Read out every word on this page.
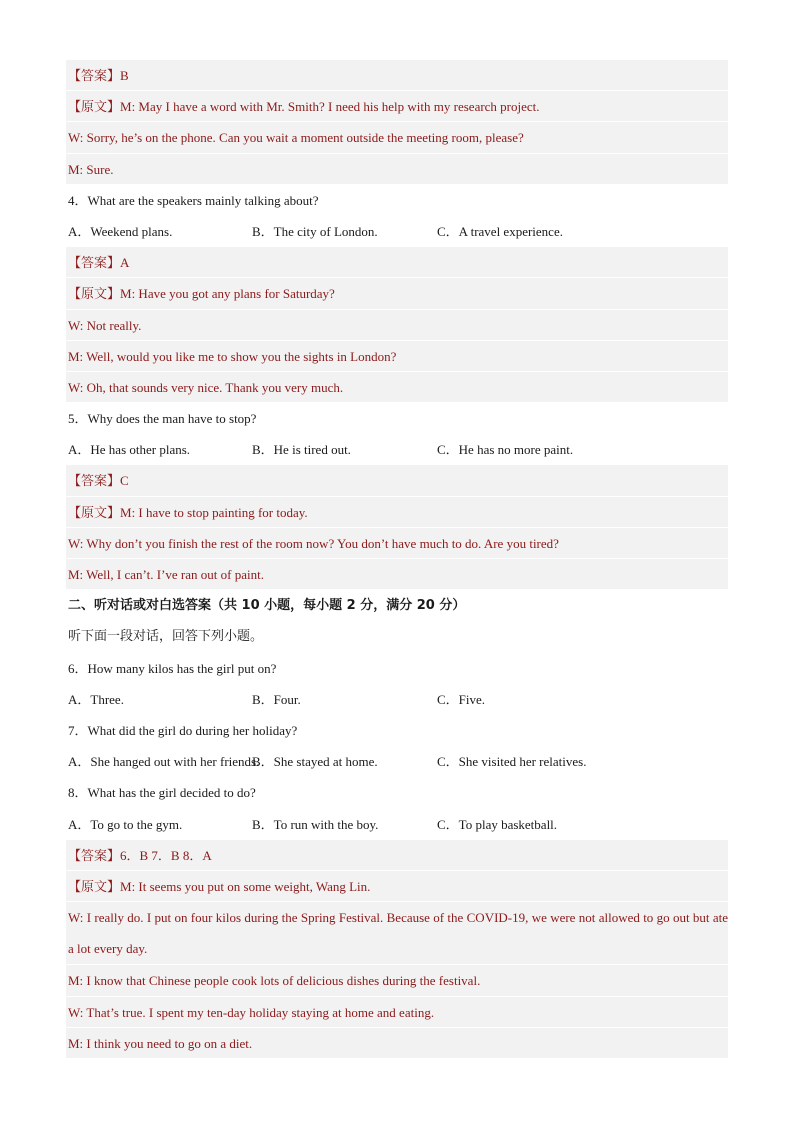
【答案】B
【原文】M: May I have a word with Mr. Smith? I need his help with my research project.
W: Sorry, he’s on the phone. Can you wait a moment outside the meeting room, please?
M: Sure.
4．What are the speakers mainly talking about?
A．Weekend plans.	B．The city of London.	C．A travel experience.
【答案】A
【原文】M: Have you got any plans for Saturday?
W: Not really.
M: Well, would you like me to show you the sights in London?
W: Oh, that sounds very nice. Thank you very much.
5．Why does the man have to stop?
A．He has other plans.	B．He is tired out.	C．He has no more paint.
【答案】C
【原文】M: I have to stop painting for today.
W: Why don’t you finish the rest of the room now? You don’t have much to do. Are you tired?
M: Well, I can’t. I’ve ran out of paint.
二、听对话或对白选答案（共 10 小题，每小题 2 分，满分 20 分）
听下面一段对话，回答下列小题。
6．How many kilos has the girl put on?
A．Three.	B．Four.	C．Five.
7．What did the girl do during her holiday?
A．She hanged out with her friends.
B．She stayed at home.	C．She visited her relatives.
8．What has the girl decided to do?
A．To go to the gym.	B．To run with the boy.	C．To play basketball.
【答案】6．B 7．B 8．A
【原文】M: It seems you put on some weight, Wang Lin.
W: I really do. I put on four kilos during the Spring Festival. Because of the COVID-19, we were not allowed to go out but ate a lot every day.
M: I know that Chinese people cook lots of delicious dishes during the festival.
W: That’s true. I spent my ten-day holiday staying at home and eating.
M: I think you need to go on a diet.
